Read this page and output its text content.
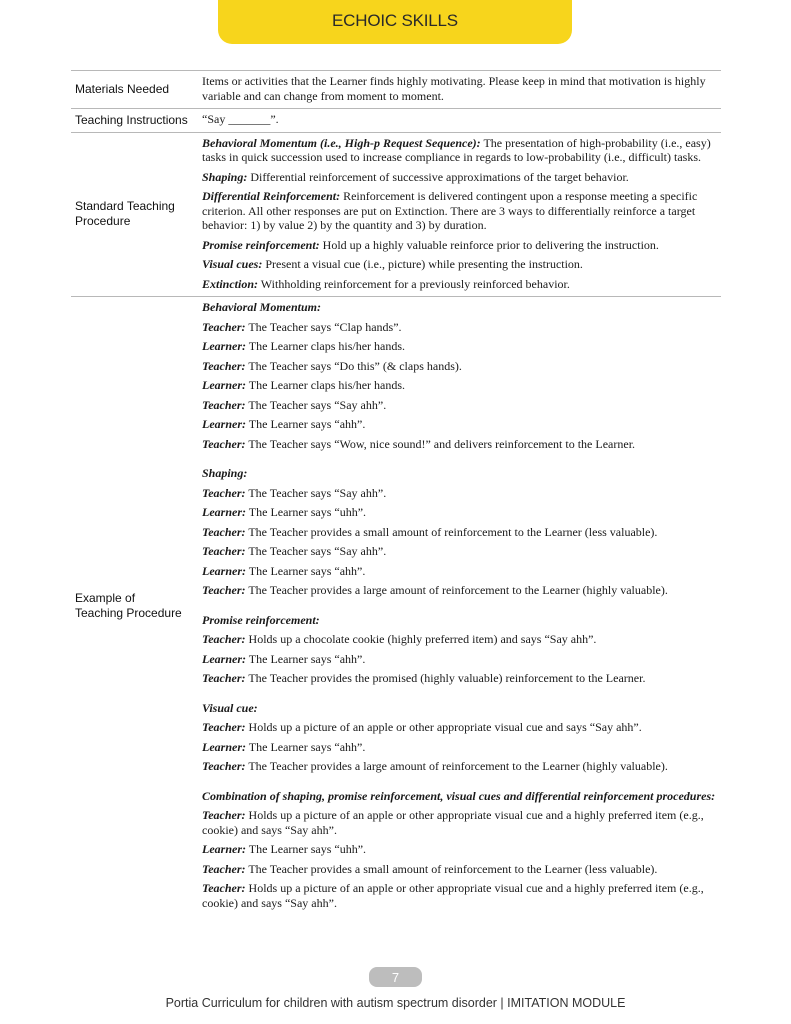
ECHOIC SKILLS
Materials Needed

Items or activities that the Learner finds highly motivating. Please keep in mind that motivation is highly variable and can change from moment to moment.

Teaching Instructions	“Say _______”.

Standard Teaching Procedure

Behavioral Momentum (i.e., High-p Request Sequence): The presentation of high-probability (i.e., easy) tasks in quick succession used to increase compliance in regards to low-probability (i.e., difficult) tasks.

Shaping: Differential reinforcement of successive approximations of the target behavior.

Differential Reinforcement: Reinforcement is delivered contingent upon a response meeting a specific criterion. All other responses are put on Extinction. There are 3 ways to differentially reinforce a target behavior: 1) by value 2) by the quantity and 3) by duration.

Promise reinforcement: Hold up a highly valuable reinforce prior to delivering the instruction.

Visual cues: Present a visual cue (i.e., picture) while presenting the instruction.

Extinction: Withholding reinforcement for a previously reinforced behavior.

Example of Teaching Procedure

Behavioral Momentum:

Teacher: The Teacher says “Clap hands”.

Learner: The Learner claps his/her hands.

Teacher: The Teacher says “Do this” (& claps hands).

Learner: The Learner claps his/her hands.

Teacher: The Teacher says “Say ahh”.

Learner: The Learner says “ahh”.

Teacher: The Teacher says “Wow, nice sound!” and delivers reinforcement to the Learner.

Shaping:

Teacher: The Teacher says “Say ahh”.

Learner: The Learner says “uhh”.

Teacher: The Teacher provides a small amount of reinforcement to the Learner (less valuable).

Teacher: The Teacher says “Say ahh”.

Learner: The Learner says “ahh”.

Teacher: The Teacher provides a large amount of reinforcement to the Learner (highly valuable).

Promise reinforcement:

Teacher: Holds up a chocolate cookie (highly preferred item) and says “Say ahh”.

Learner: The Learner says “ahh”.

Teacher: The Teacher provides the promised (highly valuable) reinforcement to the Learner.

Visual cue:

Teacher: Holds up a picture of an apple or other appropriate visual cue and says “Say ahh”.

Learner: The Learner says “ahh”.

Teacher: The Teacher provides a large amount of reinforcement to the Learner (highly valuable).

Combination of shaping, promise reinforcement, visual cues and differential reinforcement procedures:

Teacher: Holds up a picture of an apple or other appropriate visual cue and a highly preferred item (e.g., cookie) and says “Say ahh”.

Learner: The Learner says “uhh”.

Teacher: The Teacher provides a small amount of reinforcement to the Learner (less valuable).

Teacher: Holds up a picture of an apple or other appropriate visual cue and a highly preferred item (e.g., cookie) and says “Say ahh”.

7
Portia Curriculum for children with autism spectrum disorder | IMITATION MODULE
